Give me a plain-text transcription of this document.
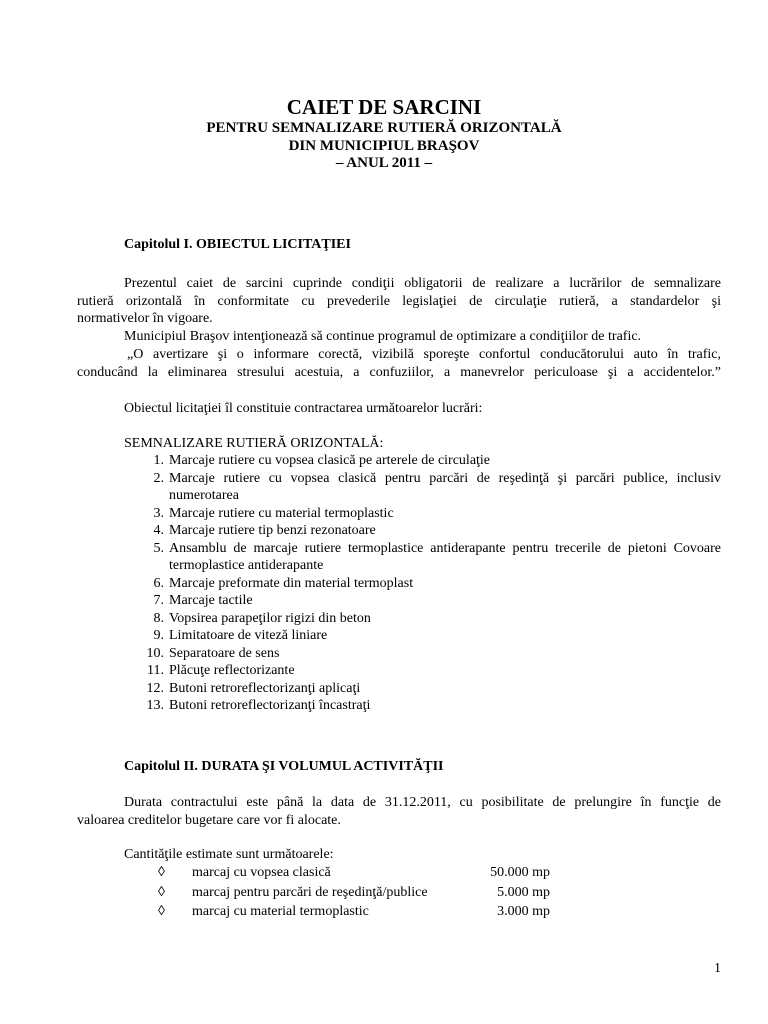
CAIET DE SARCINI
PENTRU SEMNALIZARE RUTIERĂ ORIZONTALĂ
DIN MUNICIPIUL BRAŞOV
– ANUL 2011 –
Capitolul I. OBIECTUL LICITAŢIEI
Prezentul caiet de sarcini cuprinde condiţii obligatorii de realizare a lucrărilor de semnalizare
rutieră orizontală în conformitate cu prevederile legislaţiei de circulaţie rutieră, a standardelor şi
normativelor în vigoare.
Municipiul Braşov intenţionează să continue programul de optimizare a condiţiilor de trafic.
„O avertizare şi o informare corectă, vizibilă sporeşte confortul conducătorului auto în trafic,
conducând la eliminarea stresului acestuia, a confuziilor, a manevrelor periculoase şi a accidentelor.”
Obiectul licitaţiei îl constituie contractarea următoarelor lucrări:
SEMNALIZARE RUTIERĂ ORIZONTALĂ:
1. Marcaje rutiere cu vopsea clasică pe arterele de circulaţie
2. Marcaje rutiere cu vopsea clasică pentru parcări de reşedinţă şi parcări publice, inclusiv numerotarea
3. Marcaje rutiere cu material termoplastic
4. Marcaje rutiere tip benzi rezonatoare
5. Ansamblu de marcaje rutiere termoplastice antiderapante pentru trecerile de pietoni Covoare termoplastice antiderapante
6. Marcaje preformate din material termoplast
7. Marcaje tactile
8. Vopsirea parapeţilor rigizi din beton
9. Limitatoare de viteză liniare
10. Separatoare de sens
11. Plăcuţe reflectorizante
12. Butoni retroreflectorizanţi aplicaţi
13. Butoni retroreflectorizanţi încastraţi
Capitolul II. DURATA ŞI VOLUMUL ACTIVITĂŢII
Durata contractului este până la data de 31.12.2011, cu posibilitate de prelungire în funcţie de
valoarea creditelor bugetare care vor fi alocate.
Cantităţile estimate sunt următoarele:
◊	marcaj cu vopsea clasică	50.000 mp
◊	marcaj pentru parcări de reşedinţă/publice	5.000 mp
◊	marcaj cu material termoplastic	3.000 mp
1
